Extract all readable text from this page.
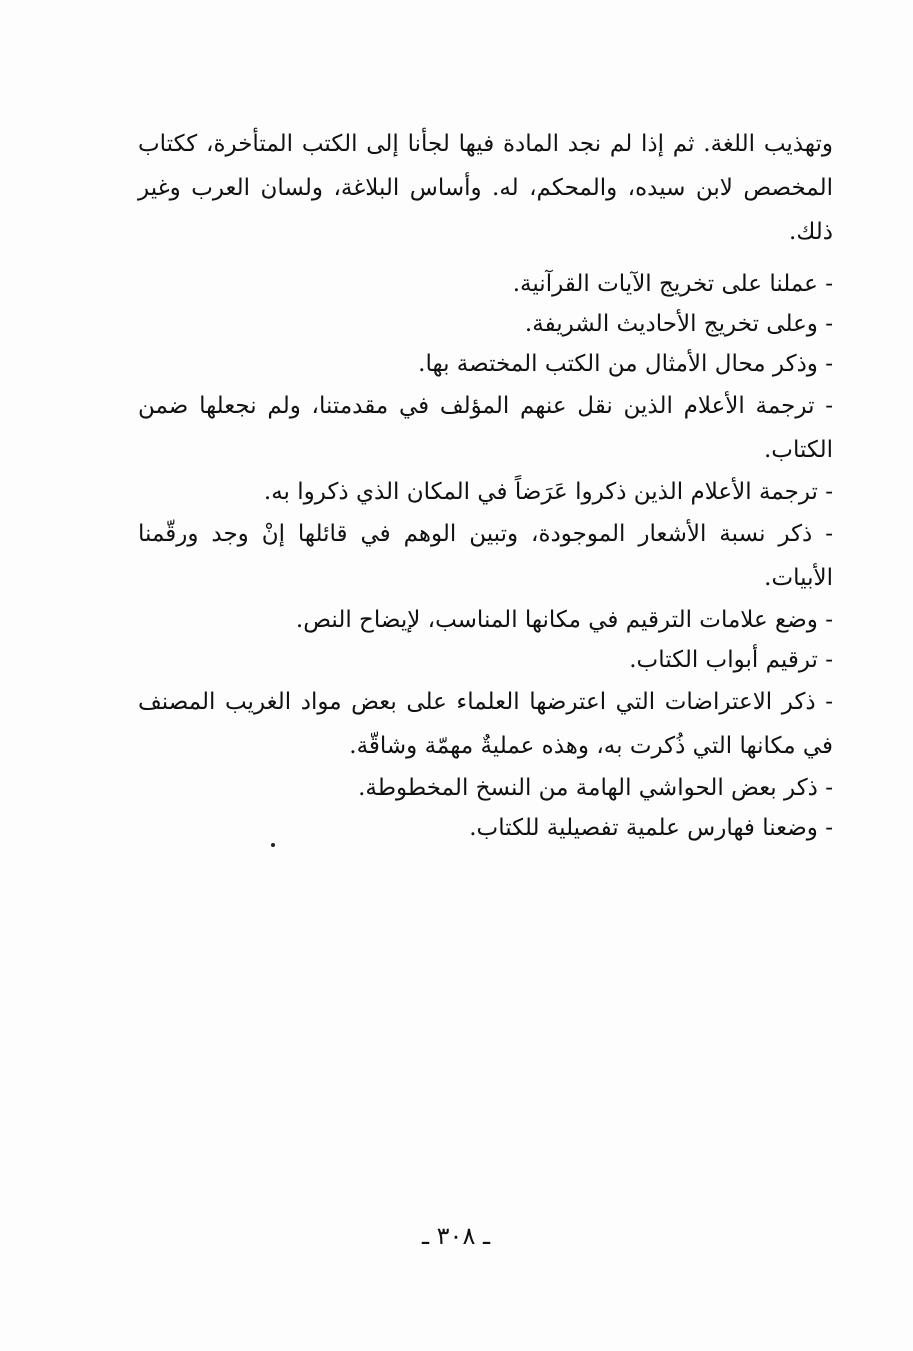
وتهذيب اللغة. ثم إذا لم نجد المادة فيها لجأنا إلى الكتب المتأخرة، ككتاب المخصص لابن سيده، والمحكم، له. وأساس البلاغة، ولسان العرب وغير ذلك.

- عملنا على تخريج الآيات القرآنية.
- وعلى تخريج الأحاديث الشريفة.
- وذكر محال الأمثال من الكتب المختصة بها.
- ترجمة الأعلام الذين نقل عنهم المؤلف في مقدمتنا، ولم نجعلها ضمن الكتاب.
- ترجمة الأعلام الذين ذكروا عَرَضاً في المكان الذي ذكروا به.
- ذكر نسبة الأشعار الموجودة، وتبين الوهم في قائلها إنْ وجد ورقّمنا الأبيات.
- وضع علامات الترقيم في مكانها المناسب، لإيضاح النص.
- ترقيم أبواب الكتاب.
- ذكر الاعتراضات التي اعترضها العلماء على بعض مواد الغريب المصنف في مكانها التي ذُكرت به، وهذه عمليةٌ مهمّة وشاقّة.
- ذكر بعض الحواشي الهامة من النسخ المخطوطة.
- وضعنا فهارس علمية تفصيلية للكتاب.
ـ ٣٠٨ ـ
